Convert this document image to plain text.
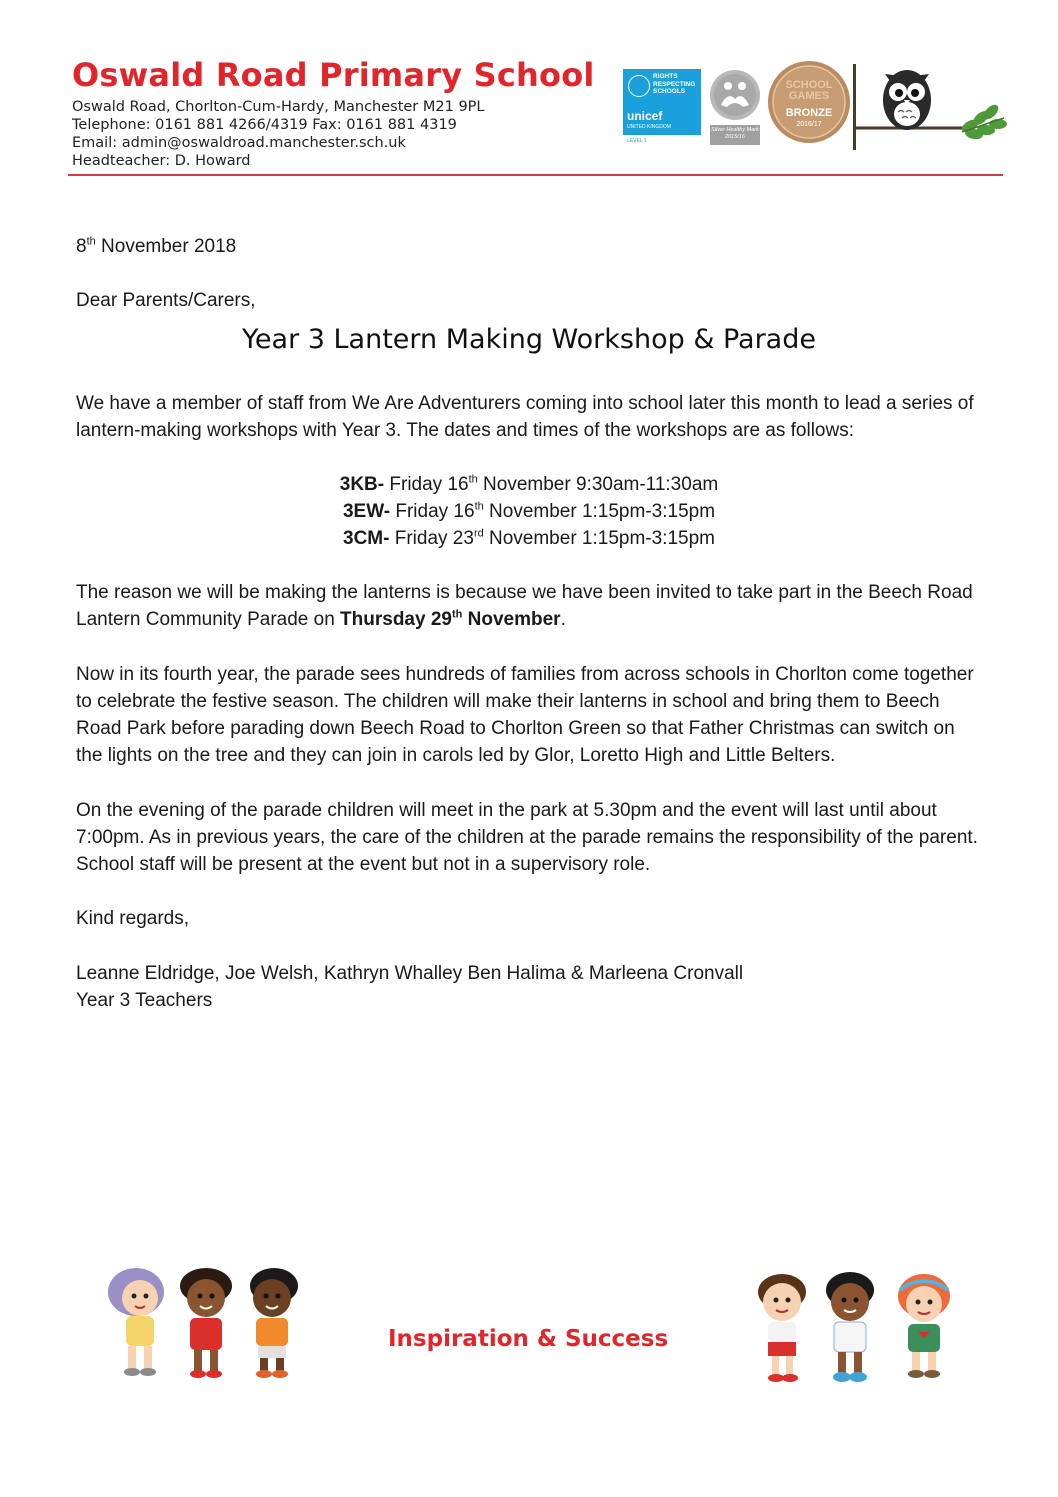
Oswald Road Primary School
Oswald Road, Chorlton-Cum-Hardy, Manchester M21 9PL
Telephone: 0161 881 4266/4319 Fax: 0161 881 4319
Email: admin@oswaldroad.manchester.sch.uk
Headteacher: D. Howard
RIGHTS RESPECTING SCHOOLS
unicef
UNITED KINGDOM
LEVEL 1
Silver Healthy Mark 2015/16
SCHOOL
GAMES
BRONZE
2016/17
8th November 2018
Dear Parents/Carers,
Year 3 Lantern Making Workshop & Parade
We have a member of staff from We Are Adventurers coming into school later this month to lead a series of lantern-making workshops with Year 3. The dates and times of the workshops are as follows:
3KB- Friday 16th November 9:30am-11:30am
3EW- Friday 16th November 1:15pm-3:15pm
3CM- Friday 23rd November 1:15pm-3:15pm
The reason we will be making the lanterns is because we have been invited to take part in the Beech Road Lantern Community Parade on Thursday 29th November.
Now in its fourth year, the parade sees hundreds of families from across schools in Chorlton come together to celebrate the festive season. The children will make their lanterns in school and bring them to Beech Road Park before parading down Beech Road to Chorlton Green so that Father Christmas can switch on the lights on the tree and they can join in carols led by Glor, Loretto High and Little Belters.
On the evening of the parade children will meet in the park at 5.30pm and the event will last until about 7:00pm. As in previous years, the care of the children at the parade remains the responsibility of the parent. School staff will be present at the event but not in a supervisory role.
Kind regards,
Leanne Eldridge, Joe Welsh, Kathryn Whalley Ben Halima & Marleena Cronvall
Year 3 Teachers
Inspiration & Success
